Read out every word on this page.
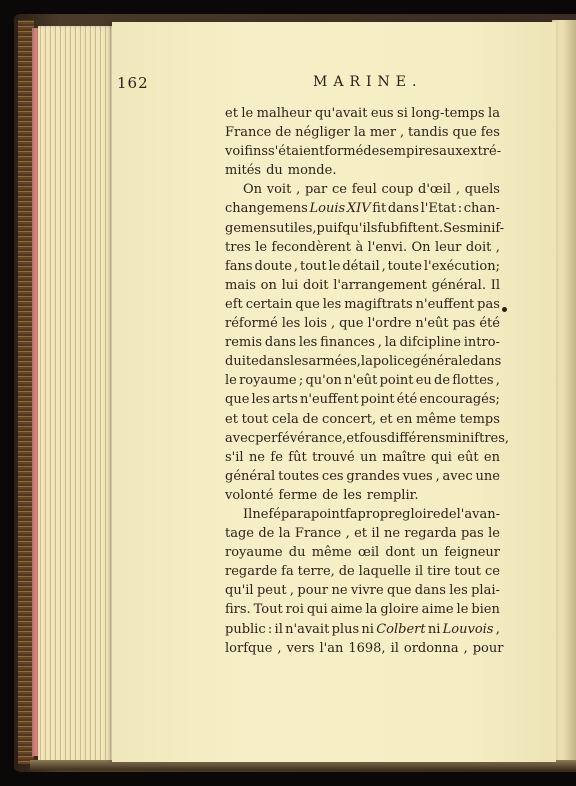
162	MARINE.
et le malheur qu'avait eus si long-temps la
France de négliger la mer , tandis que fes
voifins s'étaient formé des empires aux extré-
mités du monde.
On voit , par ce feul coup d'œil , quels
changemens Louis XIV fit dans l'Etat : chan-
gemens utiles, puifqu'ils fubfiftent. Ses minif-
tres le fecondèrent à l'envi. On leur doit ,
fans doute , tout le détail , toute l'exécution;
mais on lui doit l'arrangement général. Il
eft certain que les magiftrats n'euffent pas
réformé les lois , que l'ordre n'eût pas été
remis dans les finances , la difcipline intro-
duite dans les armées, la police générale dans
le royaume ; qu'on n'eût point eu de flottes ,
que les arts n'euffent point été encouragés;
et tout cela de concert, et en même temps
avec perfévérance , et fous différens miniftres,
s'il ne fe fût trouvé un maître qui eût en
général toutes ces grandes vues , avec une
volonté ferme de les remplir.
Il ne féparа point fa propre gloire de l'avan-
tage de la France , et il ne regarda pas le
royaume du même œil dont un feigneur
regarde fa terre, de laquelle il tire tout ce
qu'il peut , pour ne vivre que dans les plai-
firs. Tout roi qui aime la gloire aime le bien
public : il n'avait plus ni Colbert ni Louvois ,
lorfque , vers l'an 1698, il ordonna , pour
